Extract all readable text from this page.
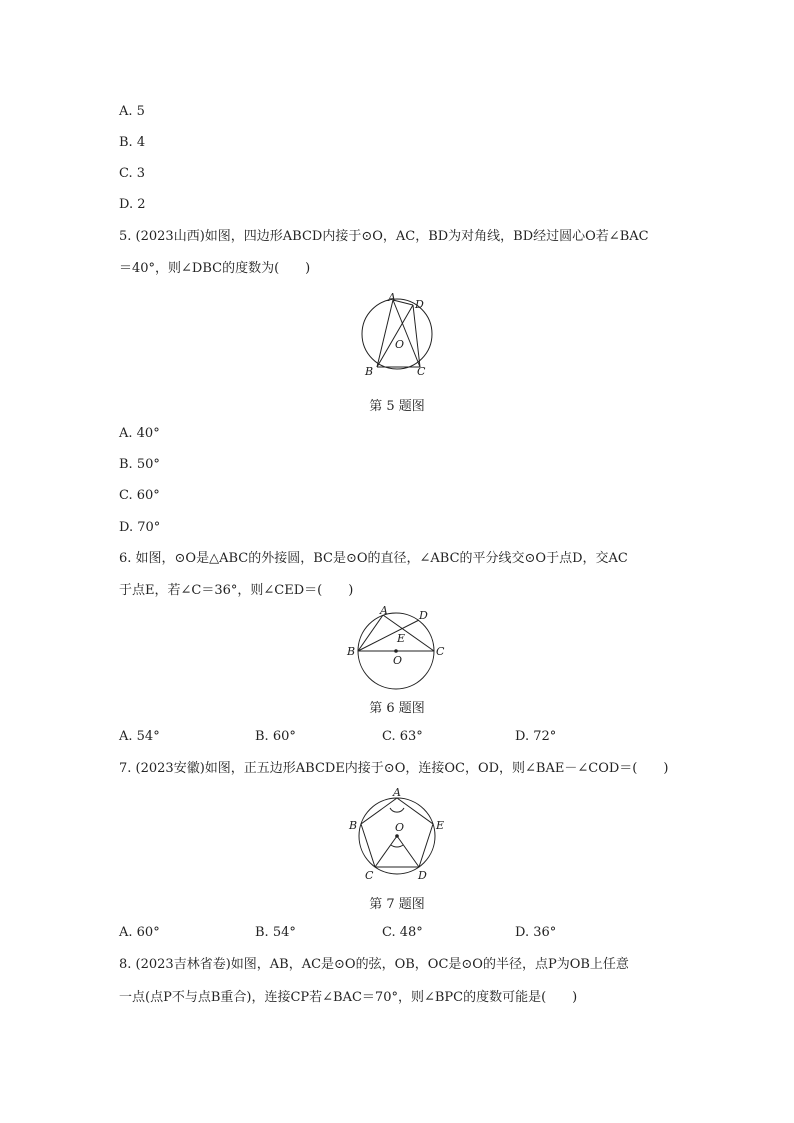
A. 5
B. 4
C. 3
D. 2
5. (2023山西)如图，四边形ABCD内接于⊙O，AC，BD为对角线，BD经过圆心O若∠BAC
＝40°，则∠DBC的度数为(　　)
A
D
O
B	C
第 5 题图
A. 40°
B. 50°
C. 60°
D. 70°
6. 如图，⊙O是△ABC的外接圆，BC是⊙O的直径，∠ABC的平分线交⊙O于点D，交AC
于点E，若∠C＝36°，则∠CED＝(　　)
A	D
E
B
O
C
第 6 题图
A. 54°	B. 60°	C. 63°	D. 72°
7. (2023安徽)如图，正五边形ABCDE内接于⊙O，连接OC，OD，则∠BAE－∠COD＝(　　)
A
B	O	E
C	D
第 7 题图
A. 60°	B. 54°	C. 48°	D. 36°
8. (2023吉林省卷)如图，AB，AC是⊙O的弦，OB，OC是⊙O的半径，点P为OB上任意
一点(点P不与点B重合)，连接CP若∠BAC＝70°，则∠BPC的度数可能是(　　)
